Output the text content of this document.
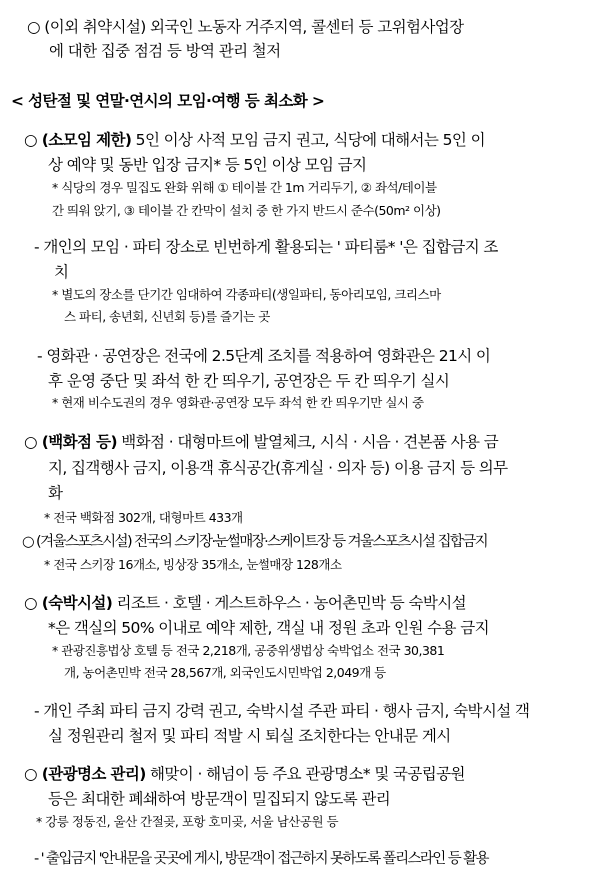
○ (이외 취약시설) 외국인 노동자 거주지역, 콜센터 등 고위험사업장
에 대한 집중 점검 등 방역 관리 철저
< 성탄절 및 연말·연시의 모임·여행 등 최소화 >
○ (소모임 제한) 5인 이상 사적 모임 금지 권고, 식당에 대해서는 5인 이
상 예약 및 동반 입장 금지* 등 5인 이상 모임 금지
* 식당의 경우 밀집도 완화 위해 ① 테이블 간 1m 거리두기, ② 좌석/테이블
간 띄워 앉기, ③ 테이블 간 칸막이 설치 중 한 가지 반드시 준수(50m² 이상)
- 개인의 모임 · 파티 장소로 빈번하게 활용되는 ' 파티룸* '은 집합금지 조
치
* 별도의 장소를 단기간 임대하여 각종파티(생일파티, 동아리모임, 크리스마
스 파티, 송년회, 신년회 등)를 즐기는 곳
- 영화관 · 공연장은 전국에 2.5단계 조치를 적용하여 영화관은 21시 이
후 운영 중단 및 좌석 한 칸 띄우기, 공연장은 두 칸 띄우기 실시
* 현재 비수도권의 경우 영화관·공연장 모두 좌석 한 칸 띄우기만 실시 중
○ (백화점 등) 백화점 · 대형마트에 발열체크, 시식 · 시음 · 견본품 사용 금
지, 집객행사 금지, 이용객 휴식공간(휴게실 · 의자 등) 이용 금지 등 의무
화
* 전국 백화점 302개, 대형마트 433개
○ (겨울스포츠시설) 전국의 스키장·눈썰매장·스케이트장 등 겨울스포츠시설 집합금지
* 전국 스키장 16개소, 빙상장 35개소, 눈썰매장 128개소
○ (숙박시설) 리조트 · 호텔 · 게스트하우스 · 농어촌민박 등 숙박시설
*은 객실의 50% 이내로 예약 제한, 객실 내 정원 초과 인원 수용 금지
* 관광진흥법상 호텔 등 전국 2,218개, 공중위생법상 숙박업소 전국 30,381
개, 농어촌민박 전국 28,567개, 외국인도시민박업 2,049개 등
- 개인 주최 파티 금지 강력 권고, 숙박시설 주관 파티 · 행사 금지, 숙박시설 객
실 정원관리 철저 및 파티 적발 시 퇴실 조치한다는 안내문 게시
○ (관광명소 관리) 해맞이 · 해넘이 등 주요 관광명소* 및 국공립공원
등은 최대한 폐쇄하여 방문객이 밀집되지 않도록 관리
* 강릉 정동진, 울산 간절곶, 포항 호미곶, 서울 남산공원 등
- ' 출입금지 '안내문을 곳곳에 게시, 방문객이 접근하지 못하도록 폴리스라인 등 활용
